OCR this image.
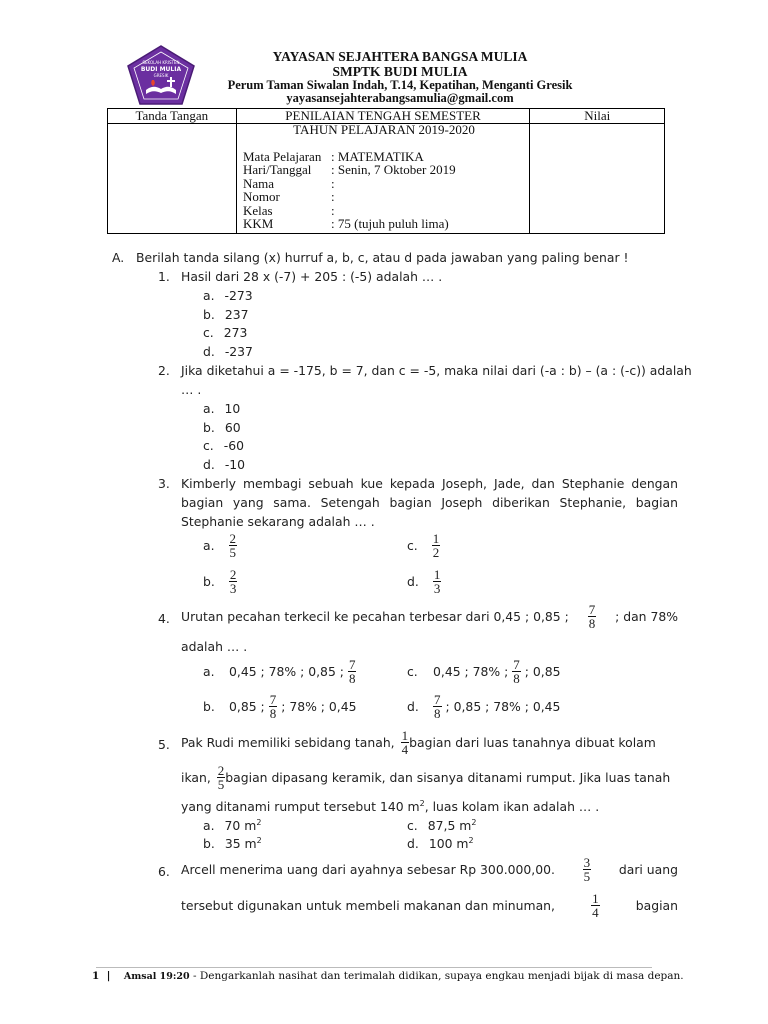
SEKOLAH KRISTEN
BUDI MULIA
GRESIK
YAYASAN SEJAHTERA BANGSA MULIA
SMPTK BUDI MULIA
Perum Taman Siwalan Indah, T.14, Kepatihan, Menganti Gresik
yayasansejahterabangsamulia@gmail.com
Tanda Tangan	PENILAIAN TENGAH SEMESTER	Nilai

TAHUN PELAJARAN 2019-2020
Mata Pelajaran : MATEMATIKA
Hari/Tanggal : Senin, 7 Oktober 2019
Nama	:
Nomor	:
Kelas	:
KKM	: 75 (tujuh puluh lima)
A. Berilah tanda silang (x) hurruf a, b, c, atau d pada jawaban yang paling benar !
1. Hasil dari 28 x (-7) + 205 : (-5) adalah … .
a. -273
b. 237
c. 273
d. -237
2. Jika diketahui a = -175, b = 7, dan c = -5, maka nilai dari (-a : b) – (a : (-c)) adalah
… .
a. 10
b. 60
c. -60
d. -10
3. Kimberly membagi sebuah kue kepada Joseph, Jade, dan Stephanie dengan
bagian yang sama. Setengah bagian Joseph diberikan Stephanie, bagian
Stephanie sekarang adalah … .
a. $\frac{2}{5}$
b. $\frac{2}{3}$
c. $\frac{1}{2}$
d. $\frac{1}{3}$
4. Urutan pecahan terkecil ke pecahan terbesar dari 0,45 ; 0,85 ; $\frac{7}{8}$ ; dan 78%
adalah … .
a.	0,45 ; 78% ; 0,85 ; $\frac{7}{8}$
b.	0,85 ; $\frac{7}{8}$ ; 78% ; 0,45
c.	0,45 ; 78% ; $\frac{7}{8}$ ; 0,85
d.	$\frac{7}{8}$ ; 0,85 ; 78% ; 0,45
5. Pak Rudi memiliki sebidang tanah, $\frac{1}{4}$ bagian dari luas tanahnya dibuat kolam
ikan, $\frac{2}{5}$ bagian dipasang keramik, dan sisanya ditanami rumput. Jika luas tanah
yang ditanami rumput tersebut 140 $m^2$, luas kolam ikan adalah … .
a. 70 $m^2$
b. 35 $m^2$
c. 87,5 $m^2$
d. 100 $m^2$
6. Arcell menerima uang dari ayahnya sebesar Rp 300.000,00. $\frac{3}{5}$ dari uang
tersebut digunakan untuk membeli makanan dan minuman,	$\frac{1}{4}$	bagian
1 | Amsal 19:20 - Dengarkanlah nasihat dan terimalah didikan, supaya engkau menjadi bijak di masa depan.
